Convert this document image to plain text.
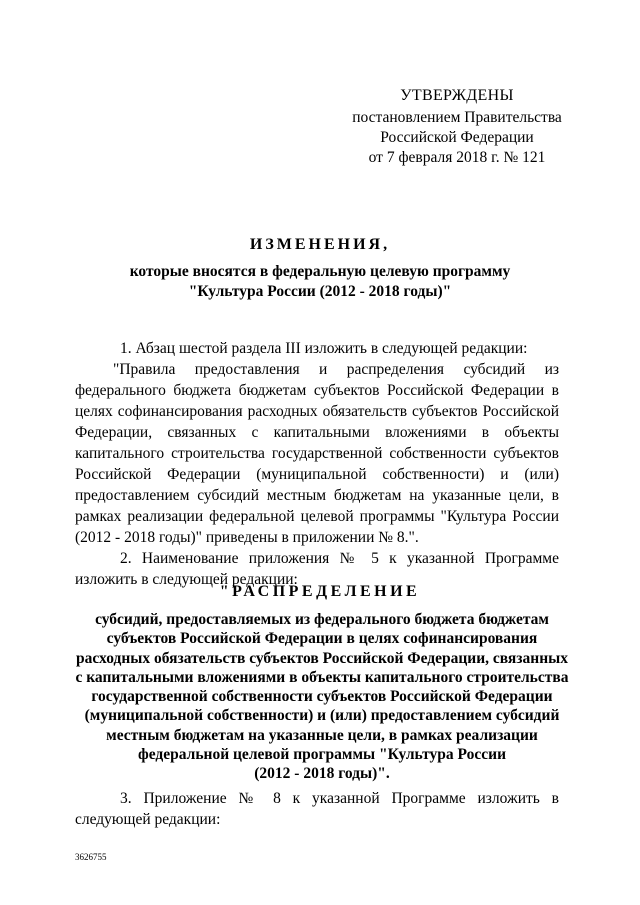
УТВЕРЖДЕНЫ
постановлением Правительства
Российской Федерации
от 7 февраля 2018 г. № 121
ИЗМЕНЕНИЯ,
которые вносятся в федеральную целевую программу
"Культура России (2012 - 2018 годы)"

1. Абзац шестой раздела III изложить в следующей редакции:

"Правила предоставления и распределения субсидий из федерального бюджета бюджетам субъектов Российской Федерации в целях софинансирования расходных обязательств субъектов Российской Федерации, связанных с капитальными вложениями в объекты капитального строительства государственной собственности субъектов Российской Федерации (муниципальной собственности) и (или) предоставлением субсидий местным бюджетам на указанные цели, в рамках реализации федеральной целевой программы "Культура России (2012 - 2018 годы)" приведены в приложении № 8.".

2. Наименование приложения № 5 к указанной Программе изложить в следующей редакции:

"РАСПРЕДЕЛЕНИЕ
субсидий, предоставляемых из федерального бюджета бюджетам
субъектов Российской Федерации в целях софинансирования
расходных обязательств субъектов Российской Федерации, связанных
с капитальными вложениями в объекты капитального строительства
государственной собственности субъектов Российской Федерации
(муниципальной собственности) и (или) предоставлением субсидий
местным бюджетам на указанные цели, в рамках реализации
федеральной целевой программы "Культура России
(2012 - 2018 годы)".

3. Приложение № 8 к указанной Программе изложить в следующей редакции:

3626755
